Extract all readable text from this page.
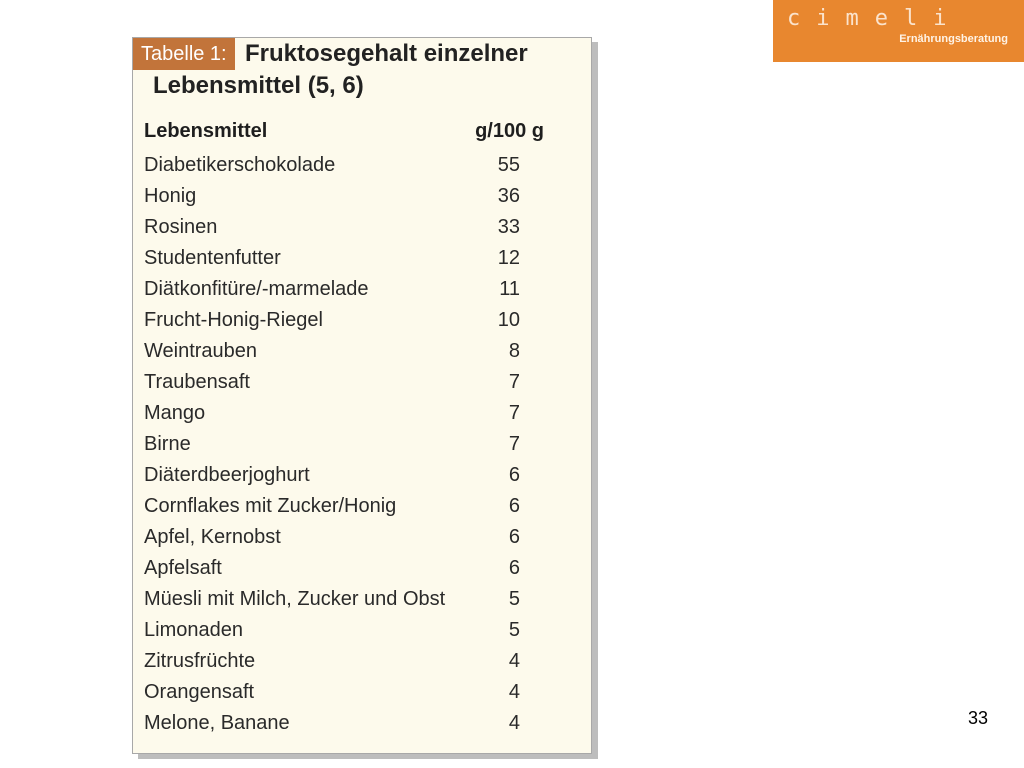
cimeli
Ernährungsberatung
Tabelle 1: Fruktosegehalt einzelner
Lebensmittel (5, 6)
Lebensmittel	g/100 g
Diabetikerschokolade	55
Honig	36
Rosinen	33
Studentenfutter	12
Diätkonfitüre/-marmelade	11
Frucht-Honig-Riegel	10
Weintrauben	8
Traubensaft	7
Mango	7
Birne	7
Diäterdbeerjoghurt	6
Cornflakes mit Zucker/Honig	6
Apfel, Kernobst	6
Apfelsaft	6
Müesli mit Milch, Zucker und Obst	5
Limonaden	5
Zitrusfrüchte	4
Orangensaft	4
Melone, Banane	4	33
